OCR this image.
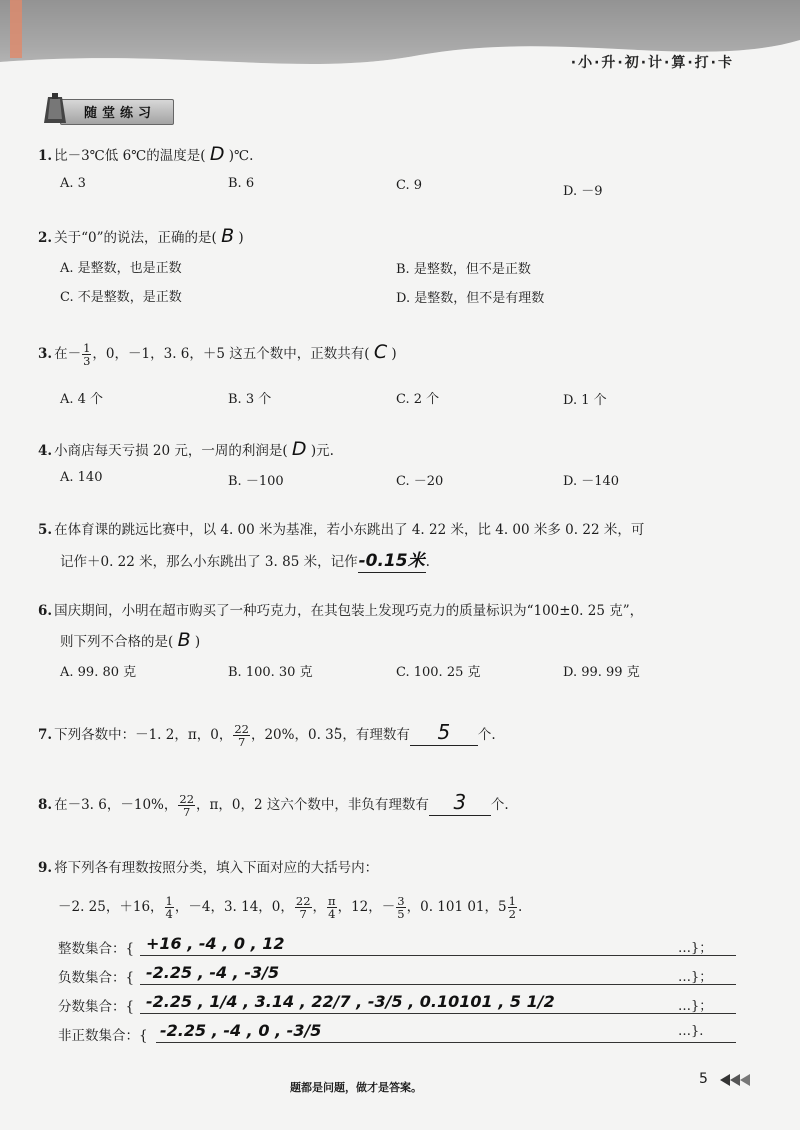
·小·升·初·计·算·打·卡
随堂练习
1. 比－3℃低 6℃的温度是( D )℃.
A. 3	B. 6	C. 9	D. －9
2. 关于“0”的说法，正确的是( B )
A. 是整数，也是正数	B. 是整数，但不是正数
C. 不是整数，是正数	D. 是整数，但不是有理数
3. 在－ $\frac{1}{3}$ ，0，－1，3. 6，＋5 这五个数中，正数共有( C )
A. 4 个	B. 3 个	C. 2 个	D. 1 个
4. 小商店每天亏损 20 元，一周的利润是( D )元.
A. 140	B. －100	C. －20	D. －140
5. 在体育课的跳远比赛中，以 4. 00 米为基准，若小东跳出了 4. 22 米，比 4. 00 米多 0. 22 米，可
记作＋0. 22 米，那么小东跳出了 3. 85 米，记作-0.15米.
6. 国庆期间，小明在超市购买了一种巧克力，在其包装上发现巧克力的质量标识为“100±0. 25 克”，
则下列不合格的是( B )
A. 99. 80 克	B. 100. 30 克	C. 100. 25 克	D. 99. 99 克
7. 下列各数中：－1. 2，π，0， $\frac{22}{7}$ ，20%，0. 3. 5，有理数有 5 个.
8. 在－3. 6，－10%， $\frac{22}{7}$ ，π，0，2 这六个数中，非负有理数有 3 个.
9. 将下列各有理数按照分类，填入下面对应的大括号内：
－2. 25，＋16， $\frac{1}{4}$ ，－4，3. 14，0， $\frac{22}{7}$ ， $\frac{\pi}{4}$ ，12，－ $\frac{3}{5}$ ，0. 101 01，$5 \frac{1}{2}$ .
整数集合：{ +16 , -4 , 0 , 12	…}；
负数集合：{ -2.25 , -4 , -3/5	…}；
分数集合：{ -2.25 , 1/4 , 3.14 , 22/7 , -3/5 , 0.10101 , 5 1/2	…}；
非正数集合：{ -2.25 , -4 , 0 , -3/5	…}.
题都是问题，做才是答案。
5
